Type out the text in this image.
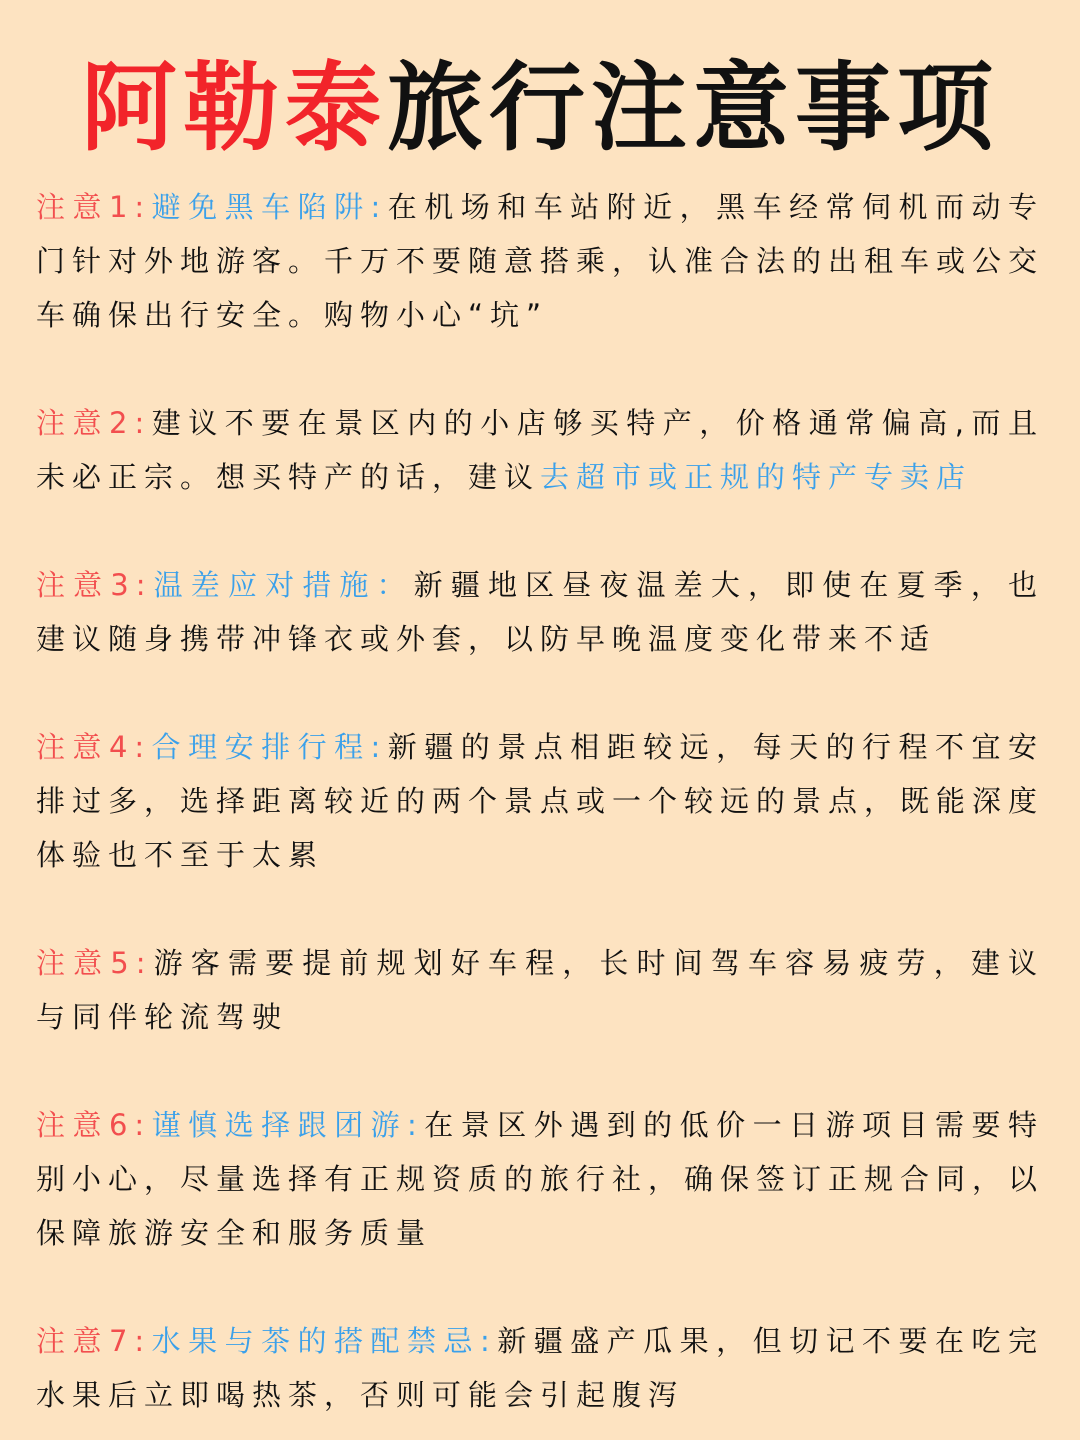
阿勒泰旅行注意事项

注意1:避免黑车陷阱:在机场和车站附近，黑车经常伺机而动专门针对外地游客。千万不要随意搭乘，认准合法的出租车或公交车确保出行安全。购物小心“坑”

注意2:建议不要在景区内的小店够买特产，价格通常偏高,而且未必正宗。想买特产的话，建议去超市或正规的特产专卖店

注意3:温差应对措施：新疆地区昼夜温差大，即使在夏季，也建议随身携带冲锋衣或外套，以防早晚温度变化带来不适

注意4:合理安排行程:新疆的景点相距较远，每天的行程不宜安排过多，选择距离较近的两个景点或一个较远的景点，既能深度体验也不至于太累

注意5:游客需要提前规划好车程，长时间驾车容易疲劳，建议与同伴轮流驾驶

注意6:谨慎选择跟团游:在景区外遇到的低价一日游项目需要特别小心，尽量选择有正规资质的旅行社，确保签订正规合同，以保障旅游安全和服务质量

注意7:水果与茶的搭配禁忌:新疆盛产瓜果，但切记不要在吃完水果后立即喝热茶，否则可能会引起腹泻
